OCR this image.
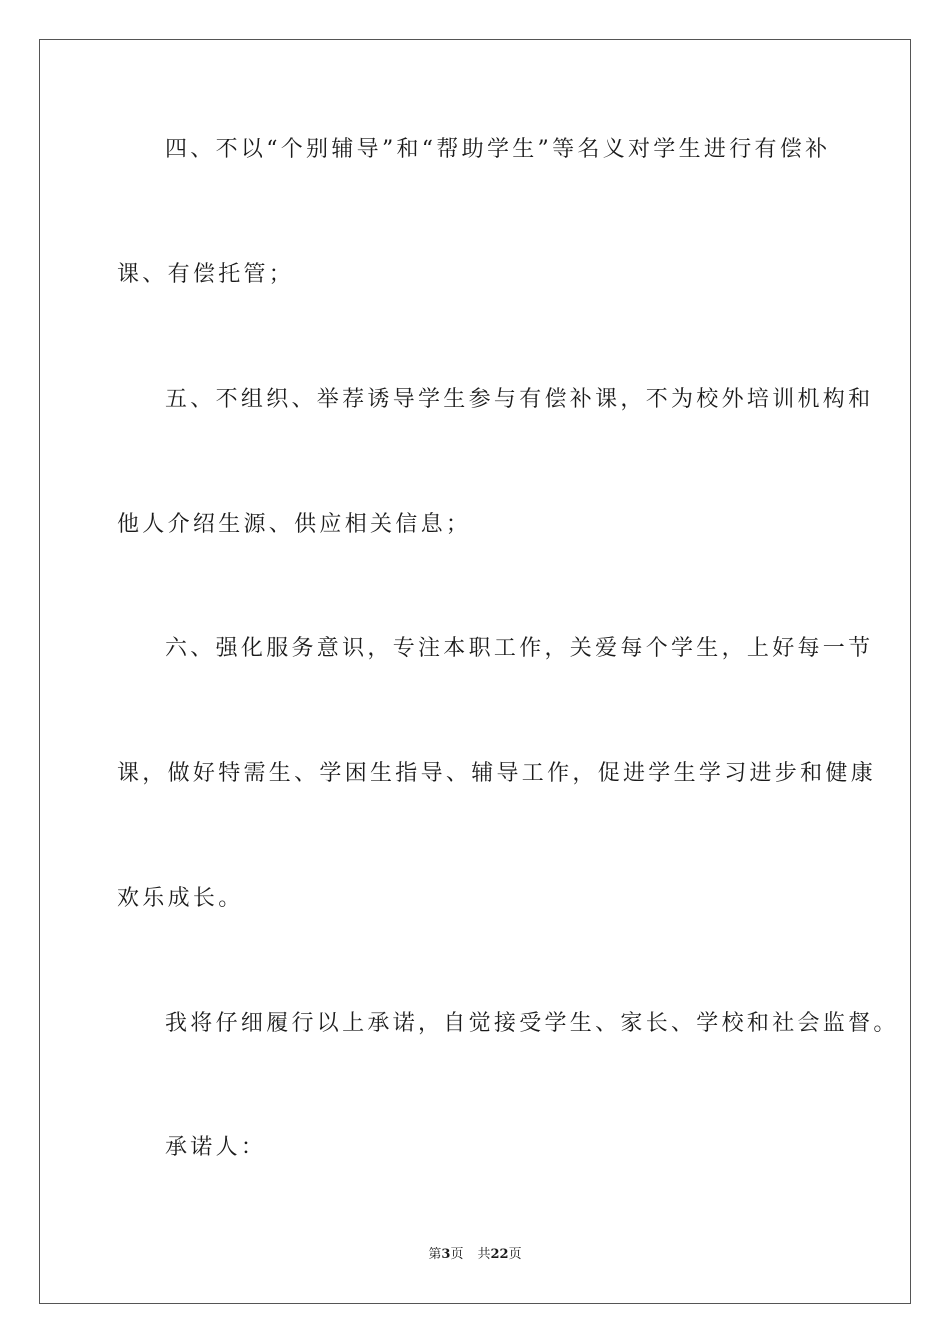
四、不以“个别辅导”和“帮助学生”等名义对学生进行有偿补
课、有偿托管；
五、不组织、举荐诱导学生参与有偿补课，不为校外培训机构和
他人介绍生源、供应相关信息；
六、强化服务意识，专注本职工作，关爱每个学生，上好每一节
课，做好特需生、学困生指导、辅导工作，促进学生学习进步和健康
欢乐成长。
我将仔细履行以上承诺，自觉接受学生、家长、学校和社会监督。
承诺人：
第3页 共22页
